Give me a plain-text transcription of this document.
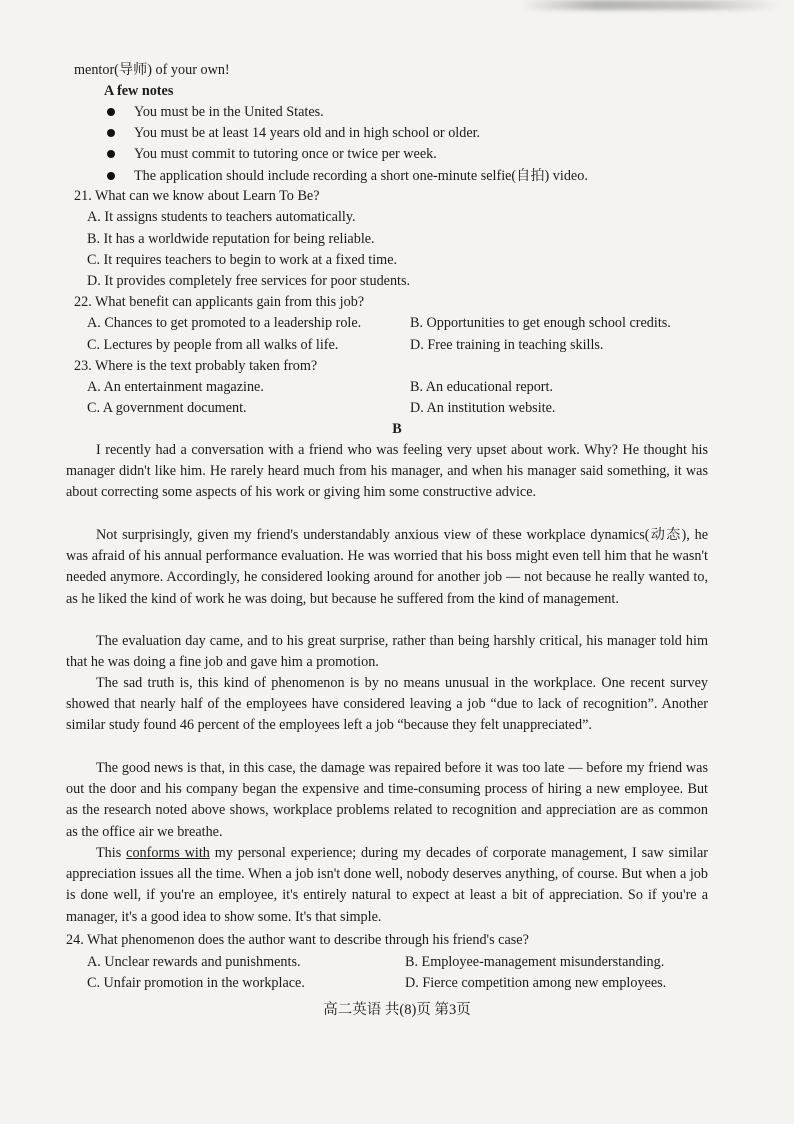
mentor(导师) of your own!
A few notes
You must be in the United States.
You must be at least 14 years old and in high school or older.
You must commit to tutoring once or twice per week.
The application should include recording a short one-minute selfie(自拍) video.
21. What can we know about Learn To Be?
A. It assigns students to teachers automatically.
B. It has a worldwide reputation for being reliable.
C. It requires teachers to begin to work at a fixed time.
D. It provides completely free services for poor students.
22. What benefit can applicants gain from this job?
A. Chances to get promoted to a leadership role.	B. Opportunities to get enough school credits.
C. Lectures by people from all walks of life.	D. Free training in teaching skills.
23. Where is the text probably taken from?
A. An entertainment magazine.	B. An educational report.
C. A government document.	D. An institution website.
B
I recently had a conversation with a friend who was feeling very upset about work. Why? He thought his manager didn't like him. He rarely heard much from his manager, and when his manager said something, it was about correcting some aspects of his work or giving him some constructive advice.
Not surprisingly, given my friend's understandably anxious view of these workplace dynamics(动态), he was afraid of his annual performance evaluation. He was worried that his boss might even tell him that he wasn't needed anymore. Accordingly, he considered looking around for another job — not because he really wanted to, as he liked the kind of work he was doing, but because he suffered from the kind of management.
The evaluation day came, and to his great surprise, rather than being harshly critical, his manager told him that he was doing a fine job and gave him a promotion.
The sad truth is, this kind of phenomenon is by no means unusual in the workplace. One recent survey showed that nearly half of the employees have considered leaving a job “due to lack of recognition”. Another similar study found 46 percent of the employees left a job “because they felt unappreciated”.
The good news is that, in this case, the damage was repaired before it was too late — before my friend was out the door and his company began the expensive and time-consuming process of hiring a new employee. But as the research noted above shows, workplace problems related to recognition and appreciation are as common as the office air we breathe.
This conforms with my personal experience; during my decades of corporate management, I saw similar appreciation issues all the time. When a job isn't done well, nobody deserves anything, of course. But when a job is done well, if you're an employee, it's entirely natural to expect at least a bit of appreciation. So if you're a manager, it's a good idea to show some. It's that simple.
24. What phenomenon does the author want to describe through his friend's case?
A. Unclear rewards and punishments.	B. Employee-management misunderstanding.
C. Unfair promotion in the workplace.	D. Fierce competition among new employees.
高二英语 共(8)页 第3页
